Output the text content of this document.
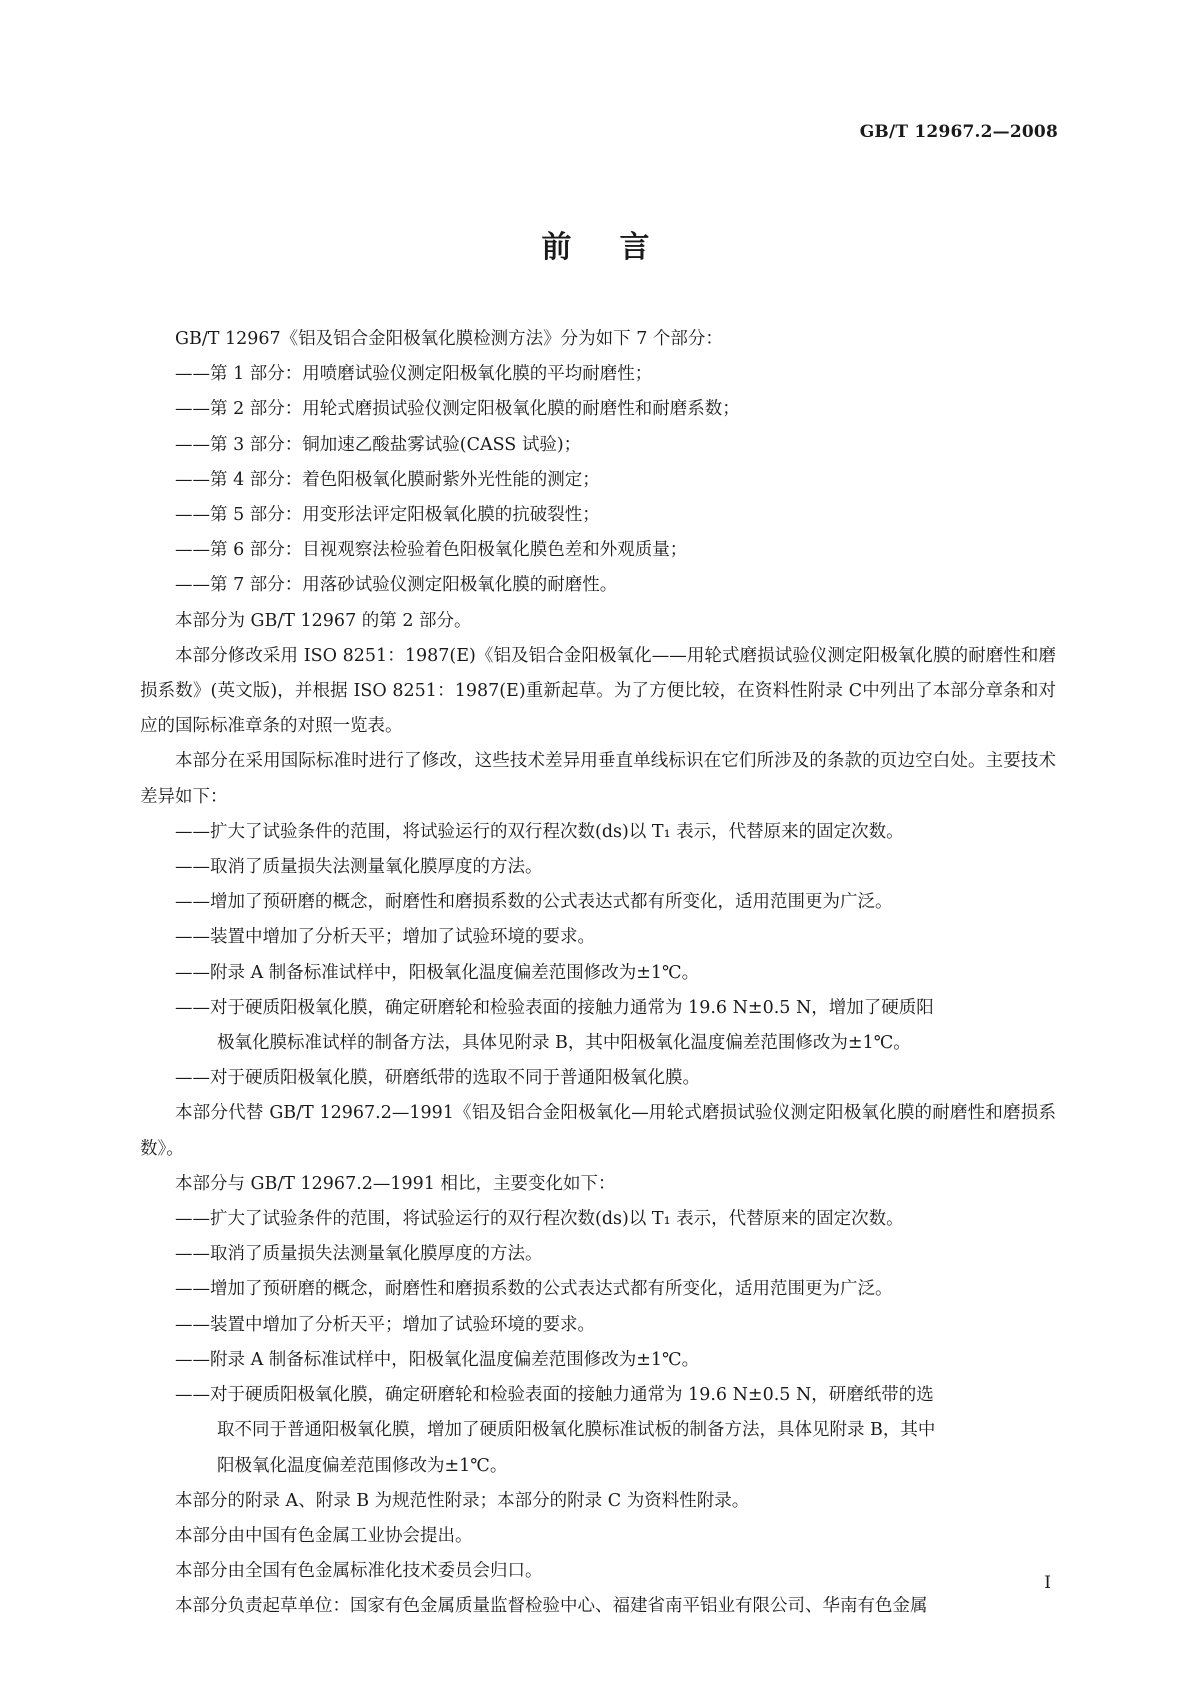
GB/T 12967.2—2008
前言
GB/T 12967《铝及铝合金阳极氧化膜检测方法》分为如下 7 个部分：
——第 1 部分：用喷磨试验仪测定阳极氧化膜的平均耐磨性；
——第 2 部分：用轮式磨损试验仪测定阳极氧化膜的耐磨性和耐磨系数；
——第 3 部分：铜加速乙酸盐雾试验(CASS 试验)；
——第 4 部分：着色阳极氧化膜耐紫外光性能的测定；
——第 5 部分：用变形法评定阳极氧化膜的抗破裂性；
——第 6 部分：目视观察法检验着色阳极氧化膜色差和外观质量；
——第 7 部分：用落砂试验仪测定阳极氧化膜的耐磨性。
本部分为 GB/T 12967 的第 2 部分。
本部分修改采用 ISO 8251：1987(E)《铝及铝合金阳极氧化——用轮式磨损试验仪测定阳极氧化膜的耐磨性和磨损系数》(英文版)，并根据 ISO 8251：1987(E)重新起草。为了方便比较，在资料性附录 C中列出了本部分章条和对应的国际标准章条的对照一览表。
本部分在采用国际标准时进行了修改，这些技术差异用垂直单线标识在它们所涉及的条款的页边空白处。主要技术差异如下：
——扩大了试验条件的范围，将试验运行的双行程次数(ds)以 T₁ 表示，代替原来的固定次数。
——取消了质量损失法测量氧化膜厚度的方法。
——增加了预研磨的概念，耐磨性和磨损系数的公式表达式都有所变化，适用范围更为广泛。
——装置中增加了分析天平；增加了试验环境的要求。
——附录 A 制备标准试样中，阳极氧化温度偏差范围修改为±1℃。
——对于硬质阳极氧化膜，确定研磨轮和检验表面的接触力通常为 19.6 N±0.5 N，增加了硬质阳
极氧化膜标准试样的制备方法，具体见附录 B，其中阳极氧化温度偏差范围修改为±1℃。
——对于硬质阳极氧化膜，研磨纸带的选取不同于普通阳极氧化膜。
本部分代替 GB/T 12967.2—1991《铝及铝合金阳极氧化—用轮式磨损试验仪测定阳极氧化膜的耐磨性和磨损系数》。
本部分与 GB/T 12967.2—1991 相比，主要变化如下：
——扩大了试验条件的范围，将试验运行的双行程次数(ds)以 T₁ 表示，代替原来的固定次数。
——取消了质量损失法测量氧化膜厚度的方法。
——增加了预研磨的概念，耐磨性和磨损系数的公式表达式都有所变化，适用范围更为广泛。
——装置中增加了分析天平；增加了试验环境的要求。
——附录 A 制备标准试样中，阳极氧化温度偏差范围修改为±1℃。
——对于硬质阳极氧化膜，确定研磨轮和检验表面的接触力通常为 19.6 N±0.5 N，研磨纸带的选
取不同于普通阳极氧化膜，增加了硬质阳极氧化膜标准试板的制备方法，具体见附录 B，其中
阳极氧化温度偏差范围修改为±1℃。
本部分的附录 A、附录 B 为规范性附录；本部分的附录 C 为资料性附录。
本部分由中国有色金属工业协会提出。
本部分由全国有色金属标准化技术委员会归口。
本部分负责起草单位：国家有色金属质量监督检验中心、福建省南平铝业有限公司、华南有色金属
I
